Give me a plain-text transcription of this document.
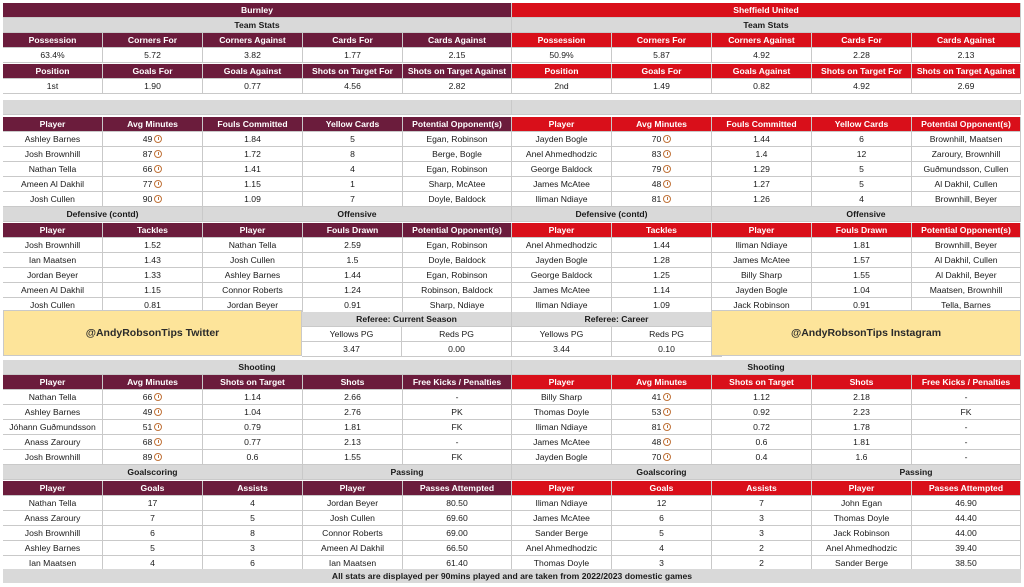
Burnley
Team Stats
Possession	Corners For	Corners Against	Cards For	Cards Against
63.4%	5.72	3.82	1.77	2.15
Position	Goals For	Goals Against	Shots on Target For	Shots on Target Against
1st	1.90	0.77	4.56	2.82
Player	Avg Minutes	Fouls Committed	Yellow Cards	Potential Opponent(s)
Ashley Barnes	49	1.84	5	Egan, Robinson
Josh Brownhill	87	1.72	8	Berge, Bogle
Nathan Tella	66	1.41	4	Egan, Robinson
Ameen Al Dakhil	77	1.15	1	Sharp, McAtee
Josh Cullen	90	1.09	7	Doyle, Baldock
Defensive (contd)	Offensive
Player	Tackles	Player	Fouls Drawn	Potential Opponent(s)
Josh Brownhill	1.52	Nathan Tella	2.59	Egan, Robinson
Ian Maatsen	1.43	Josh Cullen	1.5	Doyle, Baldock
Jordan Beyer	1.33	Ashley Barnes	1.44	Egan, Robinson
Ameen Al Dakhil	1.15	Connor Roberts	1.24	Robinson, Baldock
Josh Cullen	0.81	Jordan Beyer	0.91	Sharp, Ndiaye
Referee: Current Season
Yellows PG	Reds PG
3.47	0.00
Shooting
Player	Avg Minutes	Shots on Target	Shots	Free Kicks / Penalties
Nathan Tella	66	1.14	2.66	-
Ashley Barnes	49	1.04	2.76	PK
Jóhann Guðmundsson	51	0.79	1.81	FK
Anass Zaroury	68	0.77	2.13	-
Josh Brownhill	89	0.6	1.55	FK
Goalscoring	Passing
Player	Goals	Assists	Player	Passes Attempted
Nathan Tella	17	4	Jordan Beyer	80.50
Anass Zaroury	7	5	Josh Cullen	69.60
Josh Brownhill	6	8	Connor Roberts	69.00
Ashley Barnes	5	3	Ameen Al Dakhil	66.50
Ian Maatsen	4	6	Ian Maatsen	61.40
Sheffield United
Team Stats
Possession	Corners For	Corners Against	Cards For	Cards Against
50.9%	5.87	4.92	2.28	2.13
Position	Goals For	Goals Against	Shots on Target For	Shots on Target Against
2nd	1.49	0.82	4.92	2.69
Player	Avg Minutes	Fouls Committed	Yellow Cards	Potential Opponent(s)
Jayden Bogle	70	1.44	6	Brownhill, Maatsen
Anel Ahmedhodzic	83	1.4	12	Zaroury, Brownhill
George Baldock	79	1.29	5	Guðmundsson, Cullen
James McAtee	48	1.27	5	Al Dakhil, Cullen
Iliman Ndiaye	81	1.26	4	Brownhill, Beyer
Defensive (contd)	Offensive
Player	Tackles	Player	Fouls Drawn	Potential Opponent(s)
Anel Ahmedhodzic	1.44	Iliman Ndiaye	1.81	Brownhill, Beyer
Jayden Bogle	1.28	James McAtee	1.57	Al Dakhil, Cullen
George Baldock	1.25	Billy Sharp	1.55	Al Dakhil, Beyer
James McAtee	1.14	Jayden Bogle	1.04	Maatsen, Brownhill
Iliman Ndiaye	1.09	Jack Robinson	0.91	Tella, Barnes
Referee: Career
Yellows PG	Reds PG
3.44	0.10
Shooting
Player	Avg Minutes	Shots on Target	Shots	Free Kicks / Penalties
Billy Sharp	41	1.12	2.18	-
Thomas Doyle	53	0.92	2.23	FK
Iliman Ndiaye	81	0.72	1.78	-
James McAtee	48	0.6	1.81	-
Jayden Bogle	70	0.4	1.6	-
Goalscoring	Passing
Player	Goals	Assists	Player	Passes Attempted
Iliman Ndiaye	12	7	John Egan	46.90
James McAtee	6	3	Thomas Doyle	44.40
Sander Berge	5	3	Jack Robinson	44.00
Anel Ahmedhodzic	4	2	Anel Ahmedhodzic	39.40
Thomas Doyle	3	2	Sander Berge	38.50
@AndyRobsonTips Twitter	@AndyRobsonTips Instagram
All stats are displayed per 90mins played and are taken from 2022/2023 domestic games
